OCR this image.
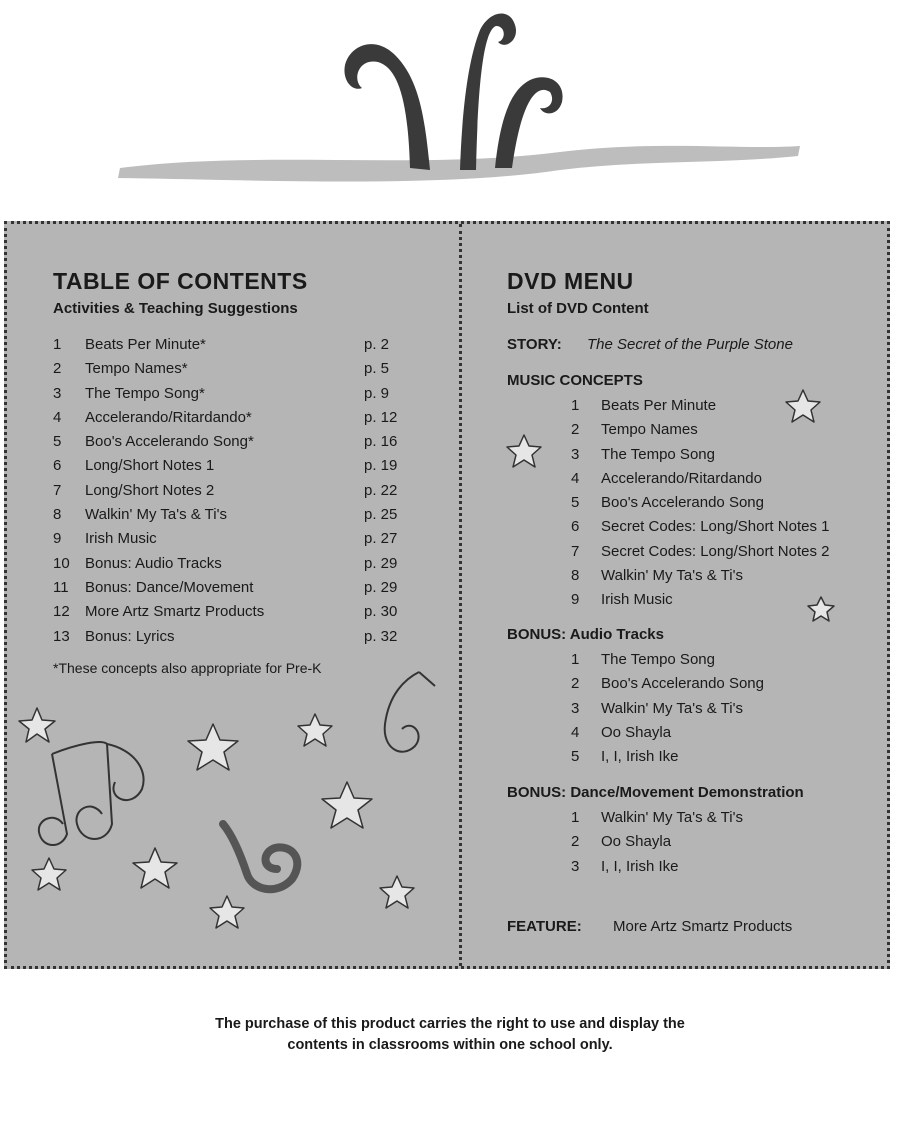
TABLE OF CONTENTS
Activities & Teaching Suggestions
1	Beats Per Minute*	p. 2
2	Tempo Names*	p. 5
3	The Tempo Song*	p. 9
4	Accelerando/Ritardando*	p. 12
5	Boo's Accelerando Song*	p. 16
6	Long/Short Notes 1	p. 19
7	Long/Short Notes 2	p. 22
8	Walkin' My Ta's & Ti's	p. 25
9	Irish Music	p. 27
10	Bonus: Audio Tracks	p. 29
11	Bonus: Dance/Movement	p. 29
12	More Artz Smartz Products	p. 30
13	Bonus: Lyrics	p. 32
*These concepts also appropriate for Pre-K
DVD MENU
List of DVD Content
STORY: The Secret of the Purple Stone
MUSIC CONCEPTS
1	Beats Per Minute
2	Tempo Names
3	The Tempo Song
4	Accelerando/Ritardando
5	Boo's Accelerando Song
6	Secret Codes: Long/Short Notes 1
7	Secret Codes: Long/Short Notes 2
8	Walkin' My Ta's & Ti's
9	Irish Music
BONUS: Audio Tracks
1	The Tempo Song
2	Boo's Accelerando Song
3	Walkin' My Ta's & Ti's
4	Oo Shayla
5	I, I, Irish Ike
BONUS: Dance/Movement Demonstration
1	Walkin' My Ta's & Ti's
2	Oo Shayla
3	I, I, Irish Ike
FEATURE: More Artz Smartz Products
The purchase of this product carries the right to use and display the
contents in classrooms within one school only.
